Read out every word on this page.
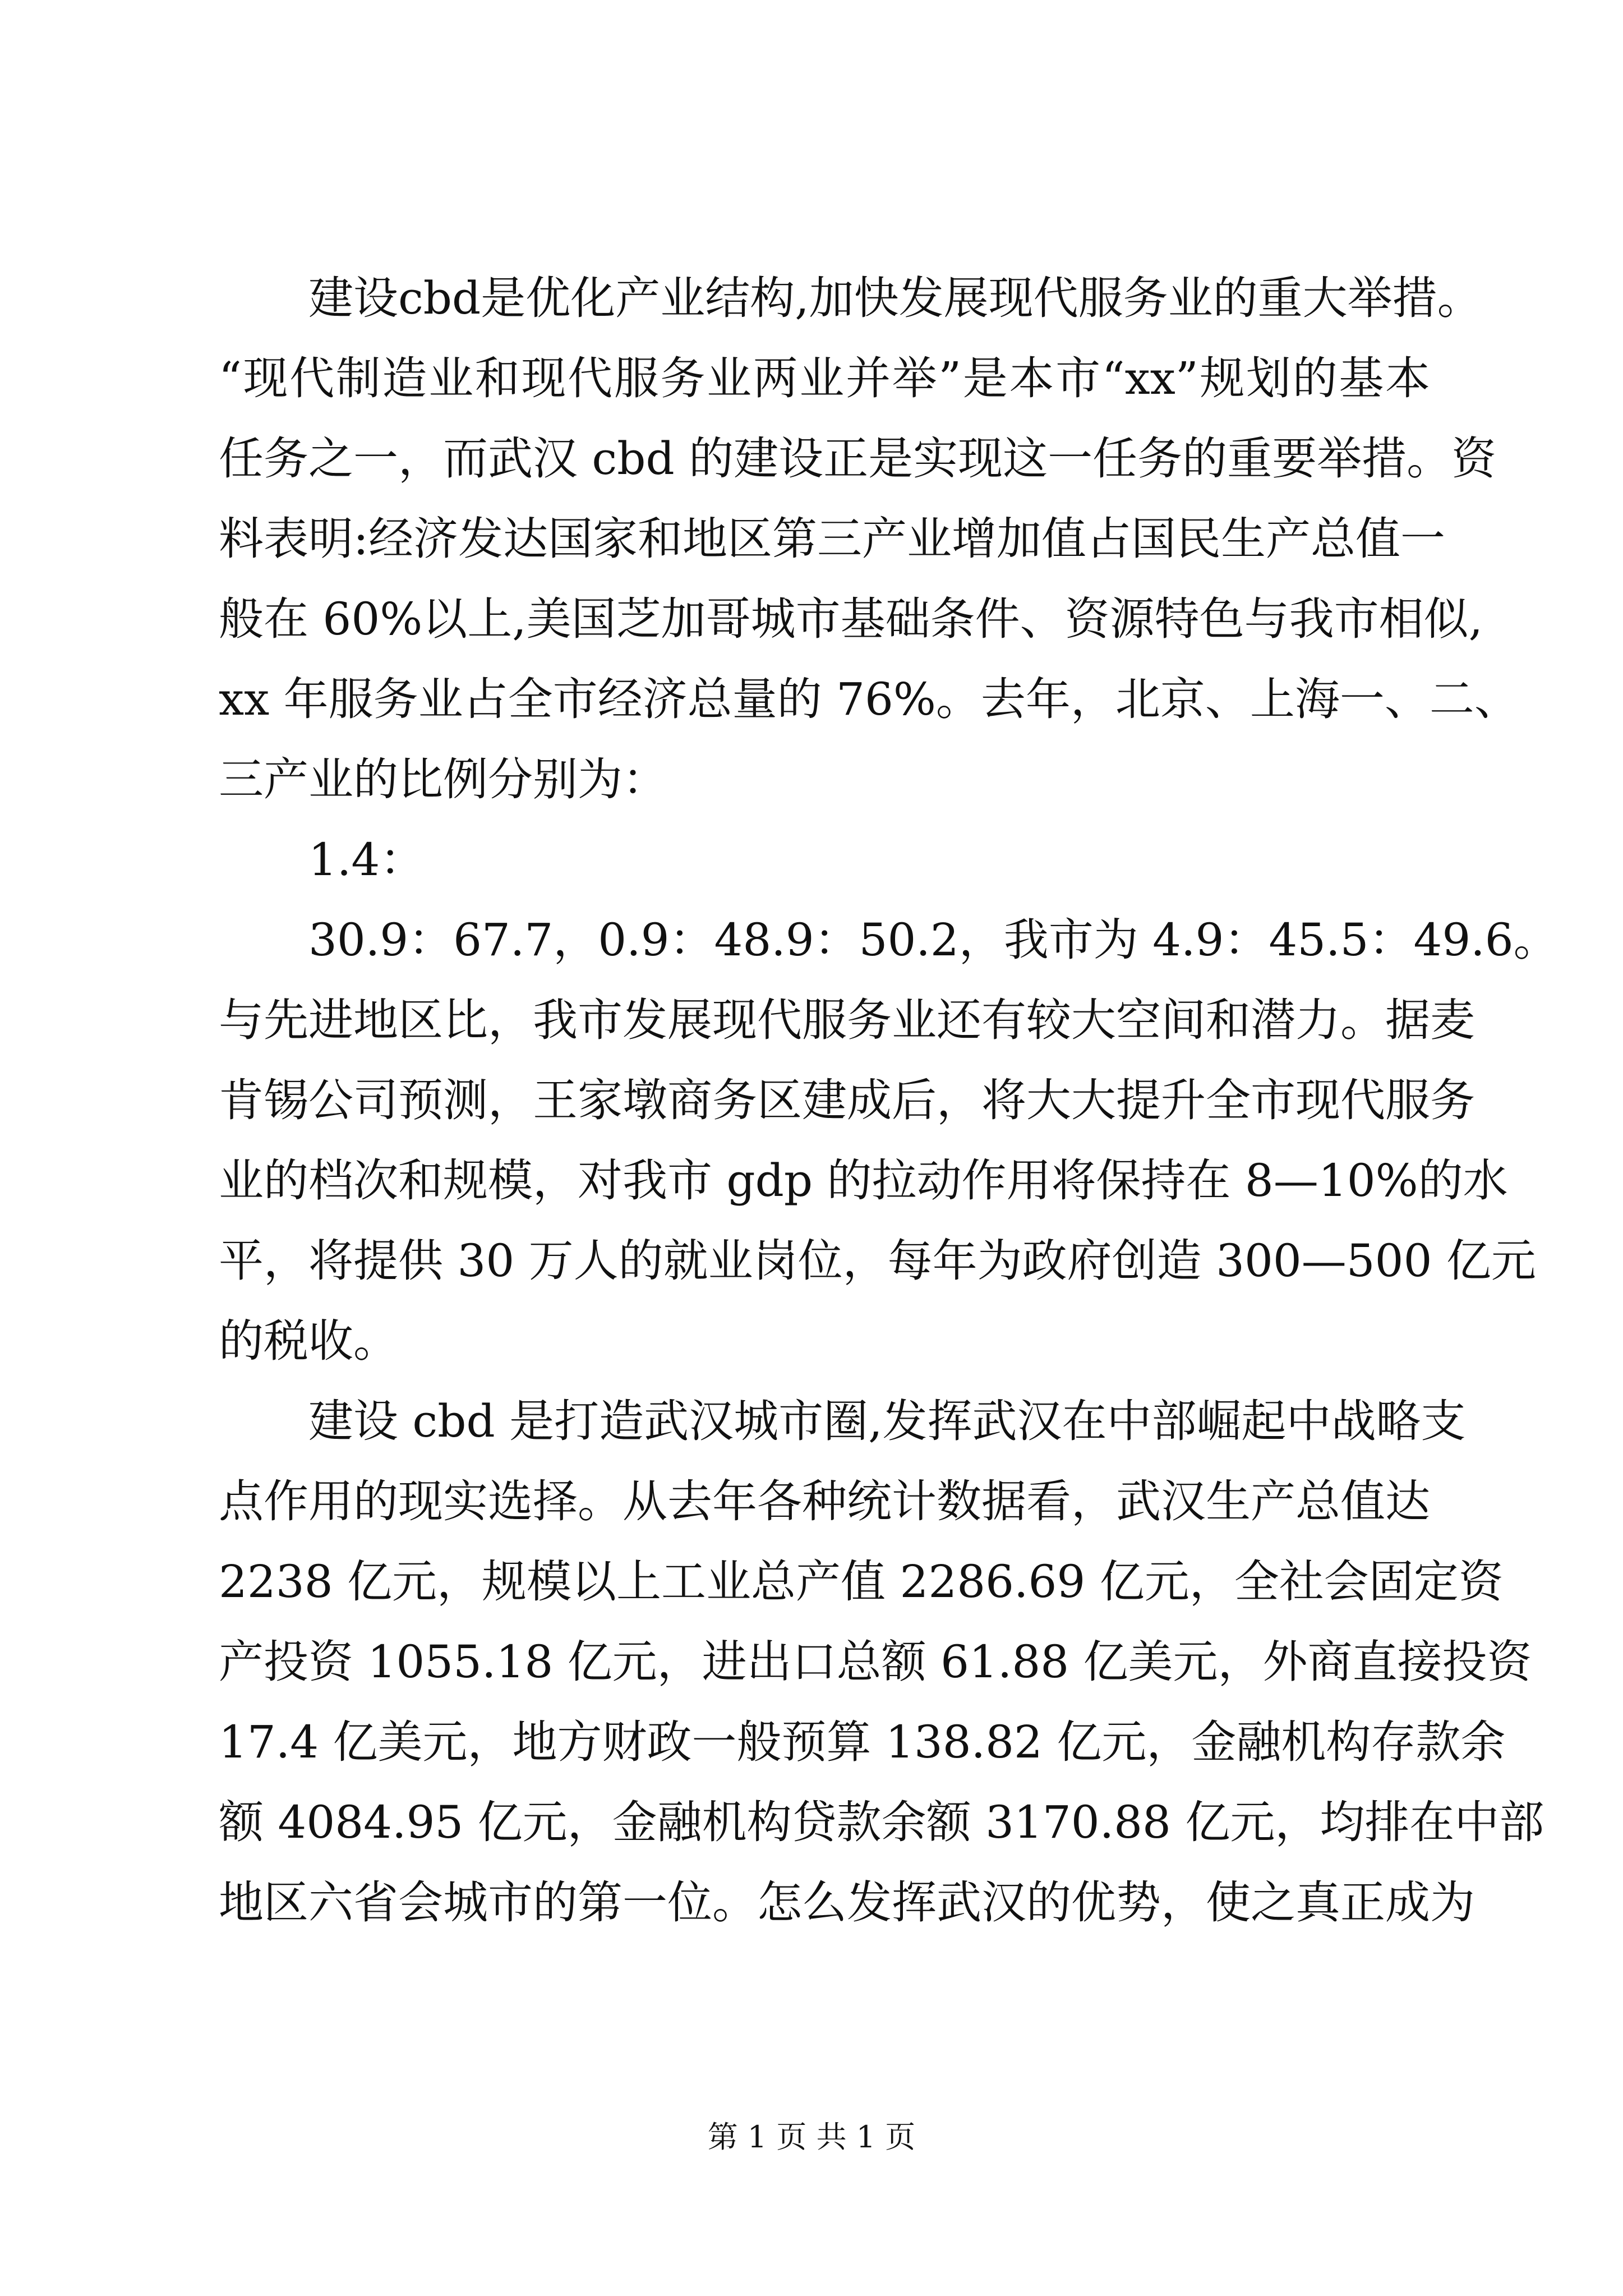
建设cbd是优化产业结构,加快发展现代服务业的重大举措。
“现代制造业和现代服务业两业并举”是本市“xx”规划的基本
任务之一，而武汉 cbd 的建设正是实现这一任务的重要举措。资
料表明:经济发达国家和地区第三产业增加值占国民生产总值一
般在 60%以上,美国芝加哥城市基础条件、资源特色与我市相似,
xx 年服务业占全市经济总量的 76%。去年，北京、上海一、二、
三产业的比例分别为：
1.4：
30.9：67.7，0.9：48.9：50.2，我市为 4.9：45.5：49.6。
与先进地区比，我市发展现代服务业还有较大空间和潜力。据麦
肯锡公司预测，王家墩商务区建成后，将大大提升全市现代服务
业的档次和规模，对我市 gdp 的拉动作用将保持在 8—10%的水
平，将提供 30 万人的就业岗位，每年为政府创造 300—500 亿元
的税收。
建设 cbd 是打造武汉城市圈,发挥武汉在中部崛起中战略支
点作用的现实选择。从去年各种统计数据看，武汉生产总值达
2238 亿元，规模以上工业总产值 2286.69 亿元，全社会固定资
产投资 1055.18 亿元，进出口总额 61.88 亿美元，外商直接投资
17.4 亿美元，地方财政一般预算 138.82 亿元，金融机构存款余
额 4084.95 亿元，金融机构贷款余额 3170.88 亿元，均排在中部
地区六省会城市的第一位。怎么发挥武汉的优势，使之真正成为
第 1 页 共 1 页
